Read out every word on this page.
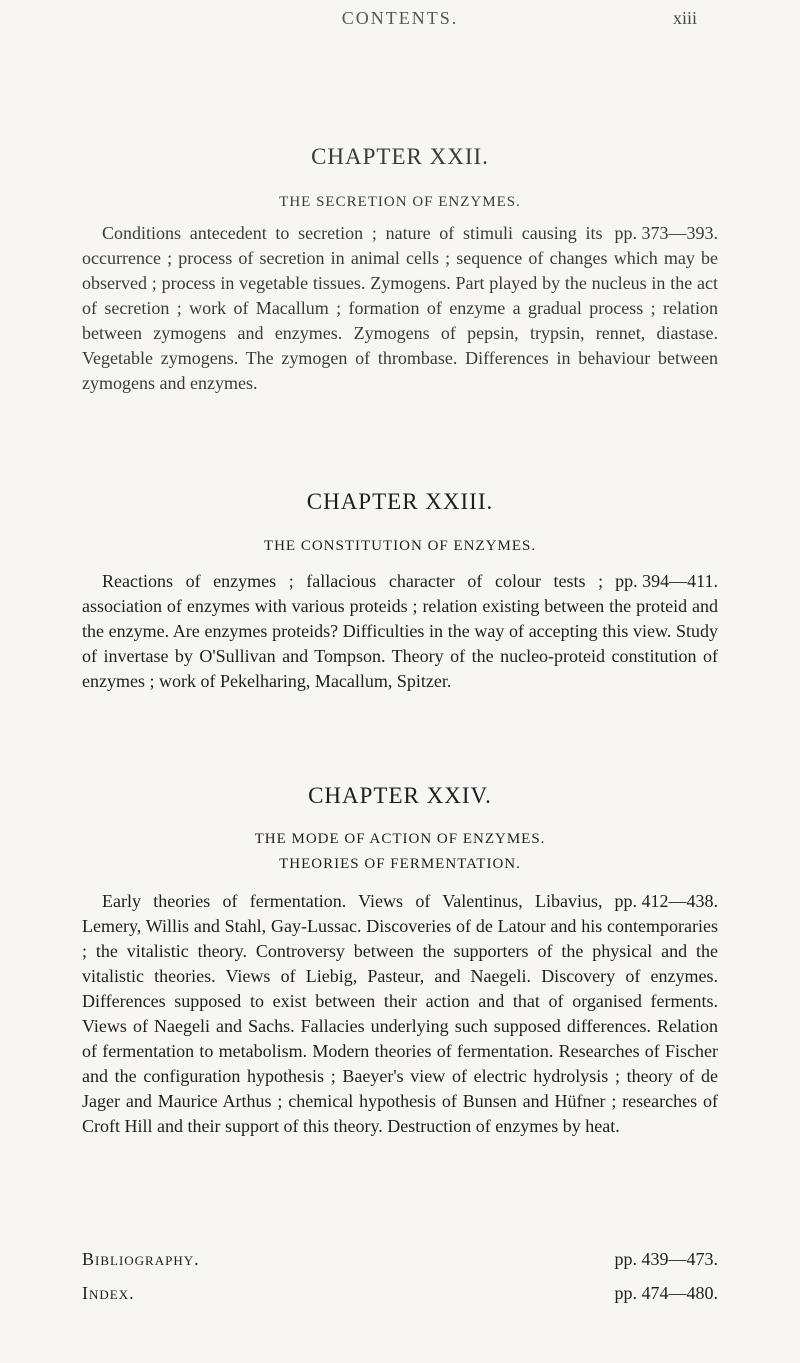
CONTENTS.	xiii
CHAPTER XXII.
THE SECRETION OF ENZYMES.

pp. 373—393.
Conditions antecedent to secretion ; nature of stimuli causing its occurrence ; process of secretion in animal cells ; sequence of changes which may be observed ; process in vegetable tissues. Zymogens. Part played by the nucleus in the act of secretion ; work of Macallum ; formation of enzyme a gradual process ; relation between zymogens and enzymes. Zymogens of pepsin, trypsin, rennet, diastase. Vegetable zymogens. The zymogen of thrombase. Differences in behaviour between zymogens and enzymes.

CHAPTER XXIII.
THE CONSTITUTION OF ENZYMES.

pp. 394—411.
Reactions of enzymes ; fallacious character of colour tests ; association of enzymes with various proteids ; relation existing between the proteid and the enzyme. Are enzymes proteids? Difficulties in the way of accepting this view. Study of invertase by O'Sullivan and Tompson. Theory of the nucleo-proteid constitution of enzymes ; work of Pekelharing, Macallum, Spitzer.

CHAPTER XXIV.
THE MODE OF ACTION OF ENZYMES.
THEORIES OF FERMENTATION.

pp. 412—438.
Early theories of fermentation. Views of Valentinus, Libavius, Lemery, Willis and Stahl, Gay-Lussac. Discoveries of de Latour and his contemporaries ; the vitalistic theory. Controversy between the supporters of the physical and the vitalistic theories. Views of Liebig, Pasteur, and Naegeli. Discovery of enzymes. Differences supposed to exist between their action and that of organised ferments. Views of Naegeli and Sachs. Fallacies underlying such supposed differences. Relation of fermentation to metabolism. Modern theories of fermentation. Researches of Fischer and the configuration hypothesis ; Baeyer's view of electric hydrolysis ; theory of de Jager and Maurice Arthus ; chemical hypothesis of Bunsen and Hüfner ; researches of Croft Hill and their support of this theory. Destruction of enzymes by heat.

Bibliography.	pp. 439—473.
Index.	pp. 474—480.
